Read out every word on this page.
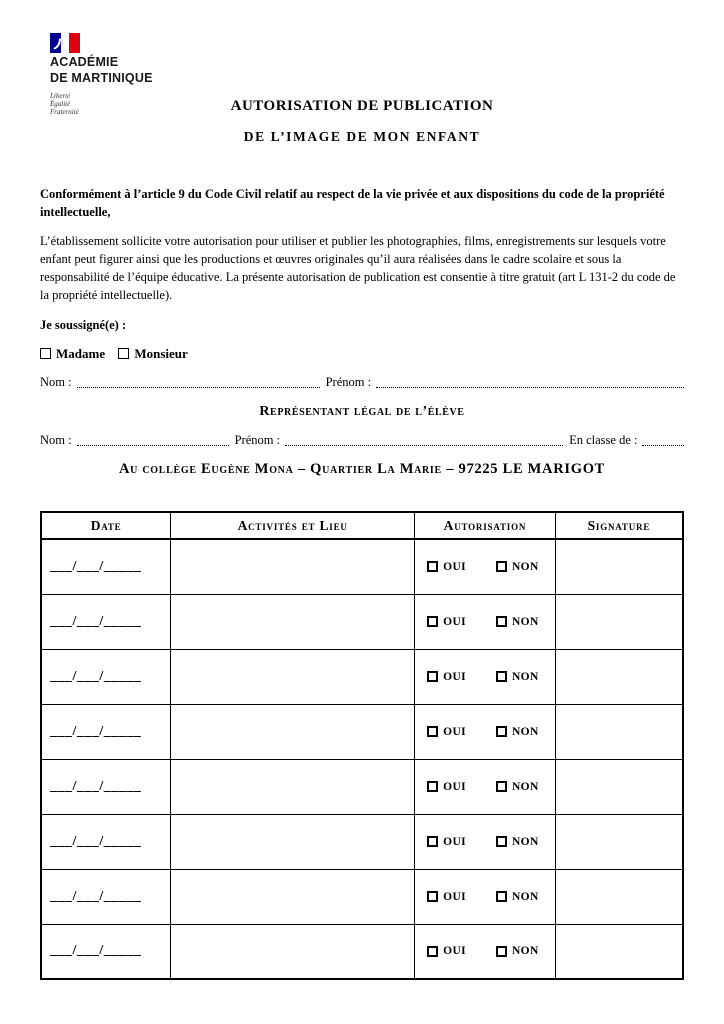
ACADÉMIE
DE MARTINIQUE
Liberté
Égalité
Fraternité	AUTORISATION DE PUBLICATION
DE L’IMAGE DE MON ENFANT

Conformément à l’article 9 du Code Civil relatif au respect de la vie privée et aux dispositions du code de la propriété intellectuelle,

L’établissement sollicite votre autorisation pour utiliser et publier les photographies, films, enregistrements sur lesquels votre enfant peut figurer ainsi que les productions et œuvres originales qu’il aura réalisées dans le cadre scolaire et sous la responsabilité de l’équipe éducative. La présente autorisation de publication est consentie à titre gratuit (art L 131-2 du code de la propriété intellectuelle).

Je soussigné(e) :
Madame Monsieur
Nom :	Prénom :
Représentant légal de l’élève
Nom :	Prénom :	En classe de :
Au collège Eugène Mona – Quartier La Marie – 97225 LE MARIGOT
Date	Activités et Lieu	Autorisation	Signature
___/___/_____		OUI NON	

___/___/_____		OUI NON	

___/___/_____		OUI NON	

___/___/_____		OUI NON	

___/___/_____		OUI NON	

___/___/_____		OUI NON	

___/___/_____		OUI NON	

___/___/_____		OUI NON	
